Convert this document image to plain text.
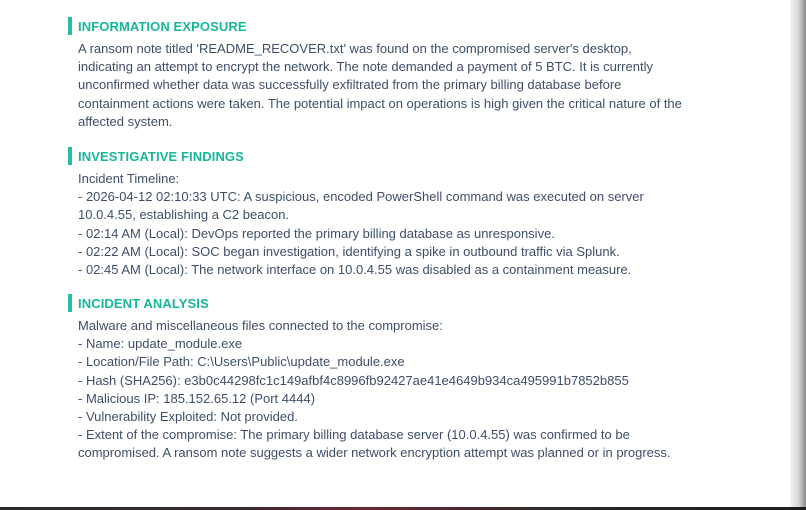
INFORMATION EXPOSURE
A ransom note titled 'README_RECOVER.txt' was found on the compromised server's desktop,
indicating an attempt to encrypt the network. The note demanded a payment of 5 BTC. It is currently
unconfirmed whether data was successfully exfiltrated from the primary billing database before
containment actions were taken. The potential impact on operations is high given the critical nature of the
affected system.
INVESTIGATIVE FINDINGS
Incident Timeline:
- 2026-04-12 02:10:33 UTC: A suspicious, encoded PowerShell command was executed on server
10.0.4.55, establishing a C2 beacon.
- 02:14 AM (Local): DevOps reported the primary billing database as unresponsive.
- 02:22 AM (Local): SOC began investigation, identifying a spike in outbound traffic via Splunk.
- 02:45 AM (Local): The network interface on 10.0.4.55 was disabled as a containment measure.
INCIDENT ANALYSIS
Malware and miscellaneous files connected to the compromise:
- Name: update_module.exe
- Location/File Path: C:\Users\Public\update_module.exe
- Hash (SHA256): e3b0c44298fc1c149afbf4c8996fb92427ae41e4649b934ca495991b7852b855
- Malicious IP: 185.152.65.12 (Port 4444)
- Vulnerability Exploited: Not provided.
- Extent of the compromise: The primary billing database server (10.0.4.55) was confirmed to be
compromised. A ransom note suggests a wider network encryption attempt was planned or in progress.
